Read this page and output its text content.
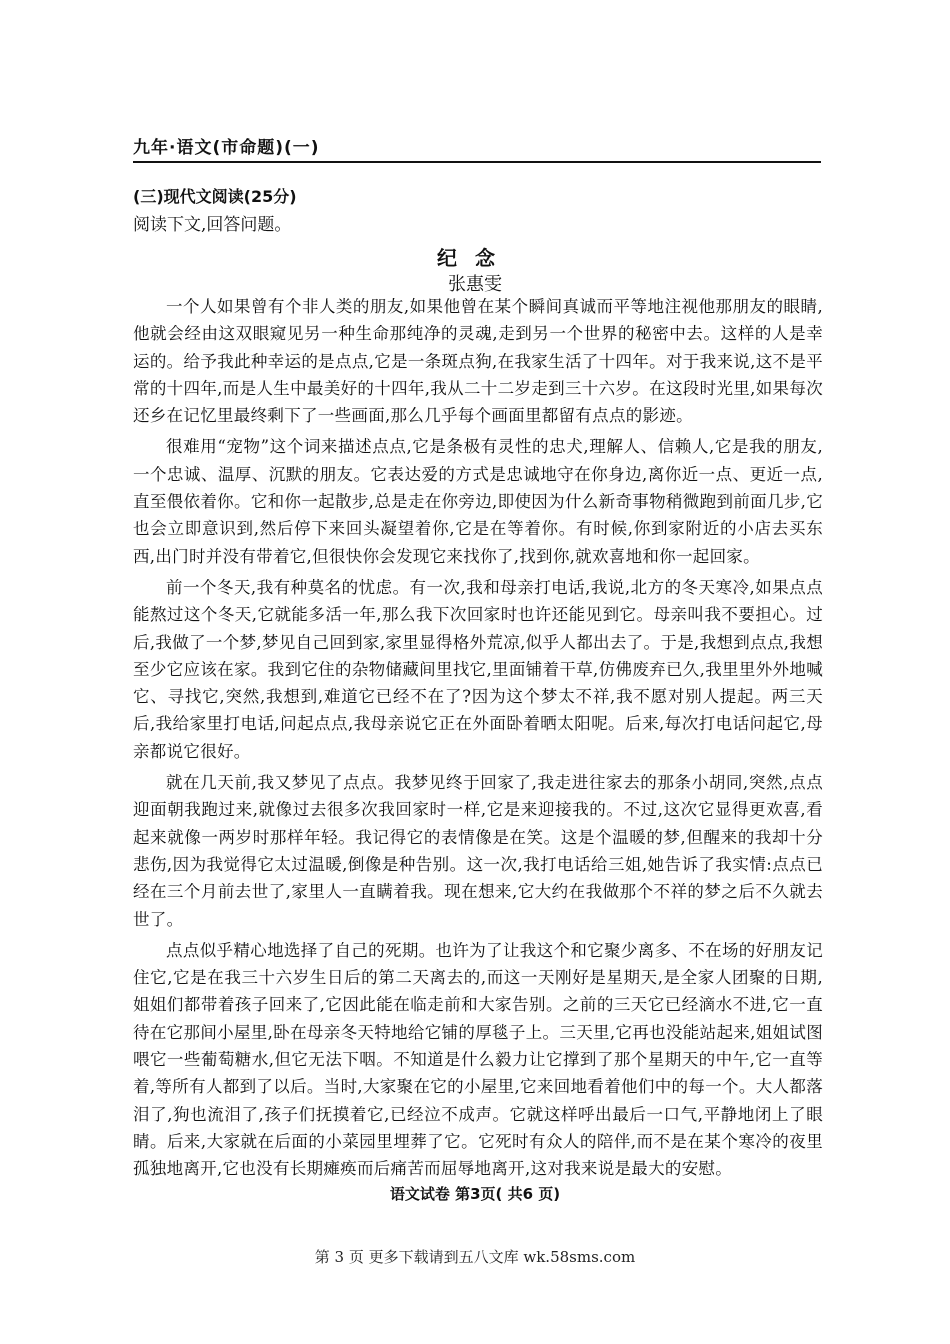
九年·语文(市命题)(一)
(三)现代文阅读(25分)
阅读下文,回答问题。
纪念
张惠雯

一个人如果曾有个非人类的朋友,如果他曾在某个瞬间真诚而平等地注视他那朋友的眼睛,他就会经由这双眼窥见另一种生命那纯净的灵魂,走到另一个世界的秘密中去。这样的人是幸运的。给予我此种幸运的是点点,它是一条斑点狗,在我家生活了十四年。对于我来说,这不是平常的十四年,而是人生中最美好的十四年,我从二十二岁走到三十六岁。在这段时光里,如果每次还乡在记忆里最终剩下了一些画面,那么几乎每个画面里都留有点点的影迹。

很难用“宠物”这个词来描述点点,它是条极有灵性的忠犬,理解人、信赖人,它是我的朋友,一个忠诚、温厚、沉默的朋友。它表达爱的方式是忠诚地守在你身边,离你近一点、更近一点,直至偎依着你。它和你一起散步,总是走在你旁边,即使因为什么新奇事物稍微跑到前面几步,它也会立即意识到,然后停下来回头凝望着你,它是在等着你。有时候,你到家附近的小店去买东西,出门时并没有带着它,但很快你会发现它来找你了,找到你,就欢喜地和你一起回家。

前一个冬天,我有种莫名的忧虑。有一次,我和母亲打电话,我说,北方的冬天寒冷,如果点点能熬过这个冬天,它就能多活一年,那么我下次回家时也许还能见到它。母亲叫我不要担心。过后,我做了一个梦,梦见自己回到家,家里显得格外荒凉,似乎人都出去了。于是,我想到点点,我想至少它应该在家。我到它住的杂物储藏间里找它,里面铺着干草,仿佛废弃已久,我里里外外地喊它、寻找它,突然,我想到,难道它已经不在了?因为这个梦太不祥,我不愿对别人提起。两三天后,我给家里打电话,问起点点,我母亲说它正在外面卧着晒太阳呢。后来,每次打电话问起它,母亲都说它很好。

就在几天前,我又梦见了点点。我梦见终于回家了,我走进往家去的那条小胡同,突然,点点迎面朝我跑过来,就像过去很多次我回家时一样,它是来迎接我的。不过,这次它显得更欢喜,看起来就像一两岁时那样年轻。我记得它的表情像是在笑。这是个温暖的梦,但醒来的我却十分悲伤,因为我觉得它太过温暖,倒像是种告别。这一次,我打电话给三姐,她告诉了我实情:点点已经在三个月前去世了,家里人一直瞒着我。现在想来,它大约在我做那个不祥的梦之后不久就去世了。

点点似乎精心地选择了自己的死期。也许为了让我这个和它聚少离多、不在场的好朋友记住它,它是在我三十六岁生日后的第二天离去的,而这一天刚好是星期天,是全家人团聚的日期,姐姐们都带着孩子回来了,它因此能在临走前和大家告别。之前的三天它已经滴水不进,它一直待在它那间小屋里,卧在母亲冬天特地给它铺的厚毯子上。三天里,它再也没能站起来,姐姐试图喂它一些葡萄糖水,但它无法下咽。不知道是什么毅力让它撑到了那个星期天的中午,它一直等着,等所有人都到了以后。当时,大家聚在它的小屋里,它来回地看着他们中的每一个。大人都落泪了,狗也流泪了,孩子们抚摸着它,已经泣不成声。它就这样呼出最后一口气,平静地闭上了眼睛。后来,大家就在后面的小菜园里埋葬了它。它死时有众人的陪伴,而不是在某个寒冷的夜里孤独地离开,它也没有长期瘫痪而后痛苦而屈辱地离开,这对我来说是最大的安慰。

语文试卷 第3页( 共6 页)
第 3 页 更多下载请到五八文库 wk.58sms.com
